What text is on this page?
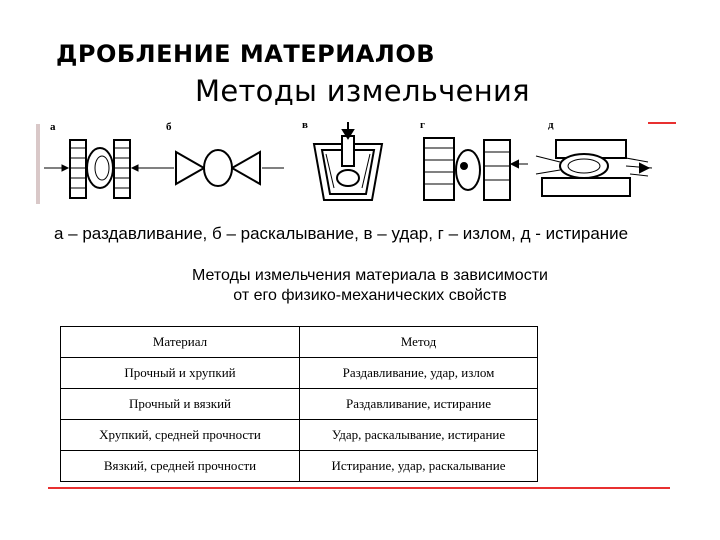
ДРОБЛЕНИЕ МАТЕРИАЛОВ
Методы измельчения
а	б	в	г	д
а – раздавливание, б – раскалывание, в – удар, г – излом, д - истирание
Методы измельчения материала в зависимости
от его физико-механических свойств
Материал	Метод
Прочный и хрупкий	Раздавливание, удар, излом
Прочный и вязкий	Раздавливание, истирание
Хрупкий, средней прочности	Удар, раскалывание, истирание
Вязкий, средней прочности	Истирание, удар, раскалывание
